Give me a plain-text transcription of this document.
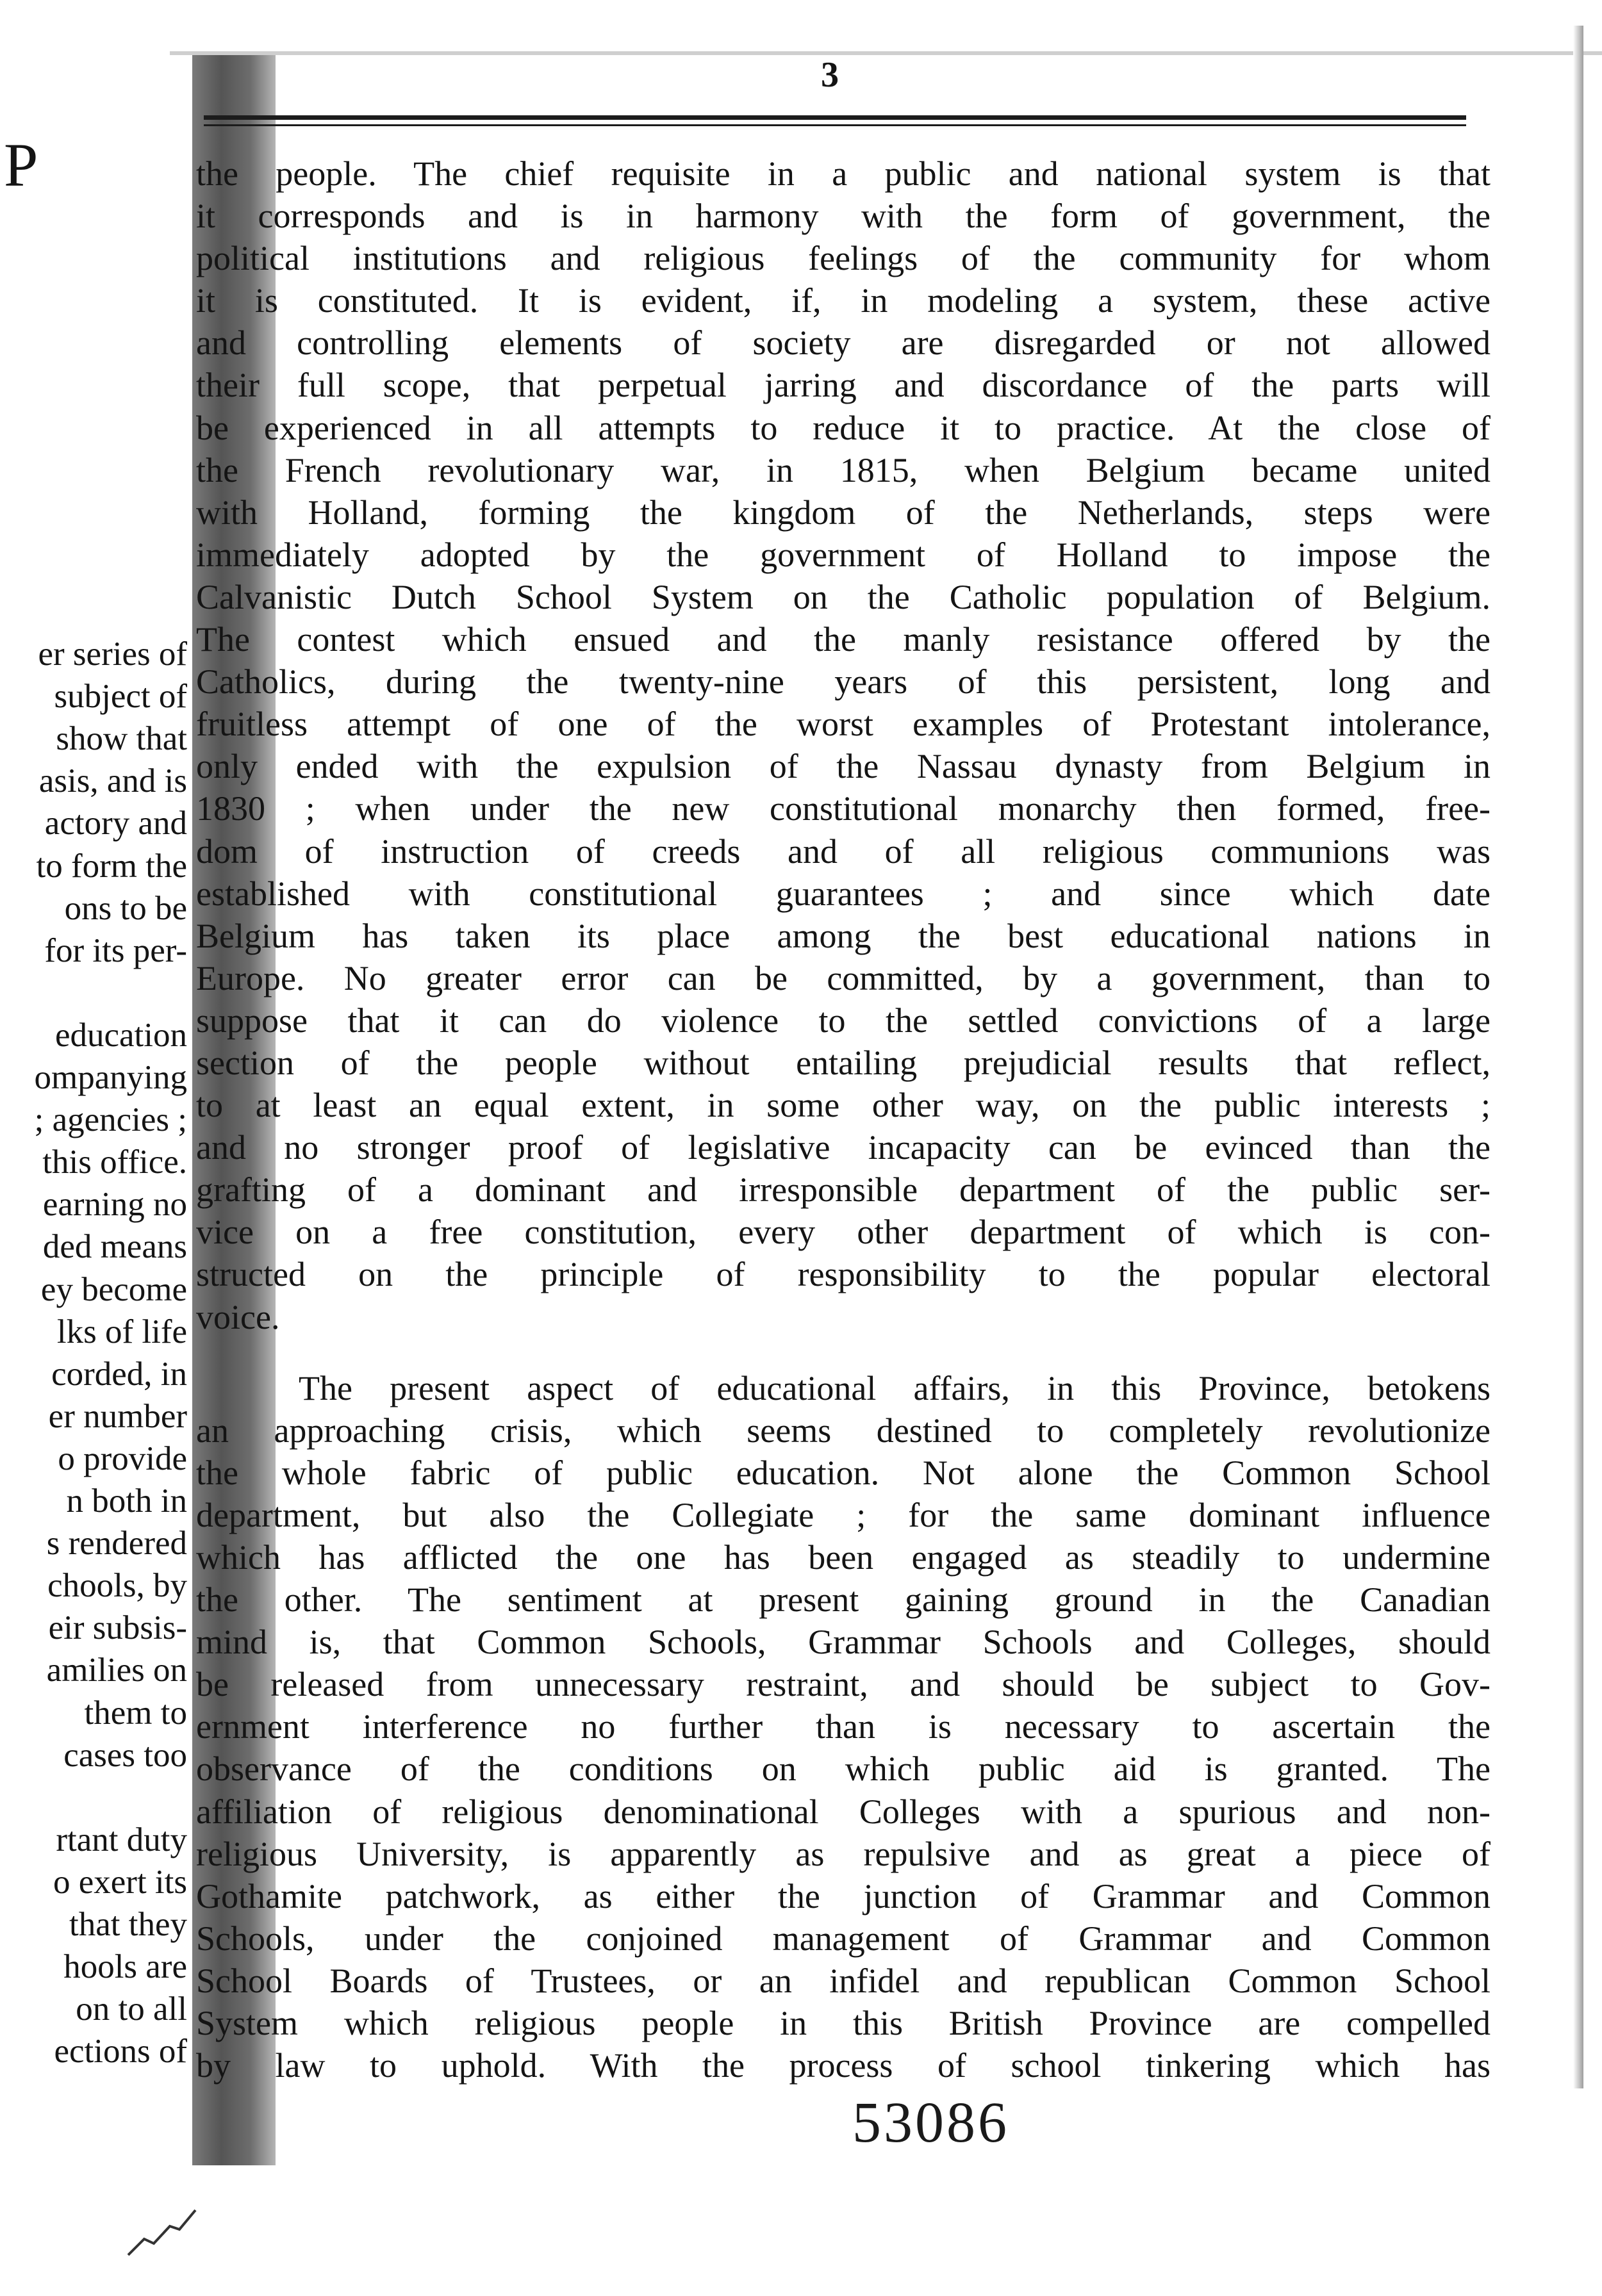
P
er series of
subject of
show that
asis, and is
actory and
to form the
ons to be
for its per-
education
ompanying
; agencies ;
this office.
earning no
ded means
ey become
lks of life
corded, in
er number
o provide
n both in
s rendered
chools, by
eir subsis-
amilies on
them to
cases too
rtant duty
o exert its
that they
hools are
on to all
ections of
3
the people. The chief requisite in a public and national system is that
it corresponds and is in harmony with the form of government, the
political institutions and religious feelings of the community for whom
it is constituted. It is evident, if, in modeling a system, these active
and controlling elements of society are disregarded or not allowed
their full scope, that perpetual jarring and discordance of the parts will
be experienced in all attempts to reduce it to practice. At the close of
the French revolutionary war, in 1815, when Belgium became united
with Holland, forming the kingdom of the Netherlands, steps were
immediately adopted by the government of Holland to impose the
Calvanistic Dutch School System on the Catholic population of Belgium.
The contest which ensued and the manly resistance offered by the
Catholics, during the twenty-nine years of this persistent, long and
fruitless attempt of one of the worst examples of Protestant intolerance,
only ended with the expulsion of the Nassau dynasty from Belgium in
1830 ; when under the new constitutional monarchy then formed, free-
dom of instruction of creeds and of all religious communions was
established with constitutional guarantees ; and since which date
Belgium has taken its place among the best educational nations in
Europe. No greater error can be committed, by a government, than to
suppose that it can do violence to the settled convictions of a large
section of the people without entailing prejudicial results that reflect,
to at least an equal extent, in some other way, on the public interests ;
and no stronger proof of legislative incapacity can be evinced than the
grafting of a dominant and irresponsible department of the public ser-
vice on a free constitution, every other department of which is con-
structed on the principle of responsibility to the popular electoral
voice.
The present aspect of educational affairs, in this Province, betokens
an approaching crisis, which seems destined to completely revolutionize
the whole fabric of public education. Not alone the Common School
department, but also the Collegiate ; for the same dominant influence
which has afflicted the one has been engaged as steadily to undermine
the other. The sentiment at present gaining ground in the Canadian
mind is, that Common Schools, Grammar Schools and Colleges, should
be released from unnecessary restraint, and should be subject to Gov-
ernment interference no further than is necessary to ascertain the
observance of the conditions on which public aid is granted. The
affiliation of religious denominational Colleges with a spurious and non-
religious University, is apparently as repulsive and as great a piece of
Gothamite patchwork, as either the junction of Grammar and Common
Schools, under the conjoined management of Grammar and Common
School Boards of Trustees, or an infidel and republican Common School
System which religious people in this British Province are compelled
by law to uphold. With the process of school tinkering which has
53086
